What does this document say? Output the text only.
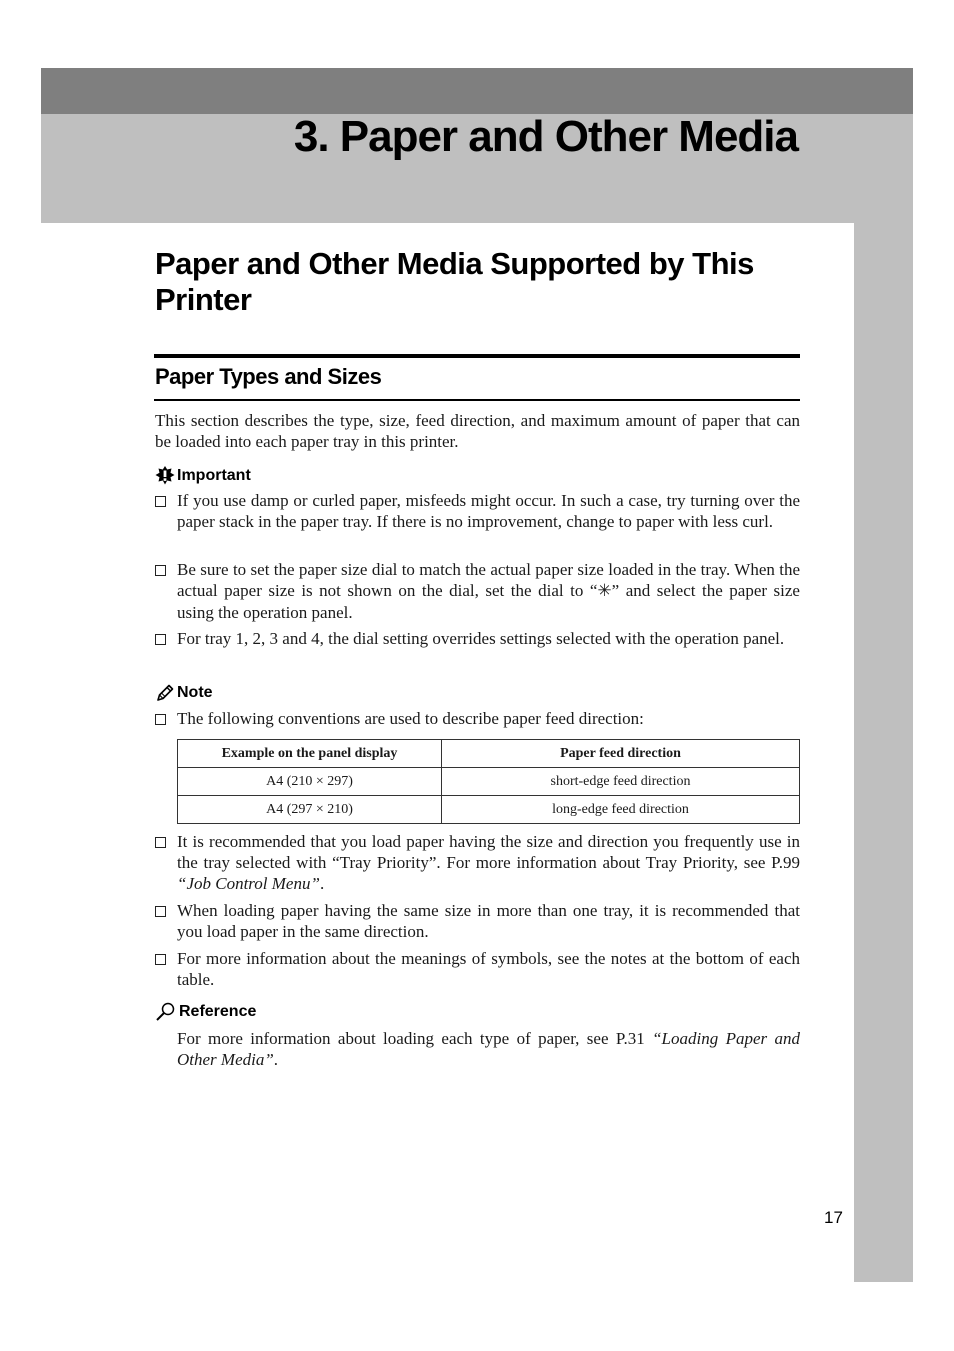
3. Paper and Other Media
Paper and Other Media Supported by This Printer
Paper Types and Sizes

This section describes the type, size, feed direction, and maximum amount of paper that can be loaded into each paper tray in this printer.

Important
If you use damp or curled paper, misfeeds might occur. In such a case, try turning over the paper stack in the paper tray. If there is no improvement, change to paper with less curl.
Be sure to set the paper size dial to match the actual paper size loaded in the tray. When the actual paper size is not shown on the dial, set the dial to “✳” and select the paper size using the operation panel.
For tray 1, 2, 3 and 4, the dial setting overrides settings selected with the operation panel.
Note
The following conventions are used to describe paper feed direction:
Example on the panel display	Paper feed direction
A4 (210 × 297)	short-edge feed direction
A4 (297 × 210)	long-edge feed direction
It is recommended that you load paper having the size and direction you frequently use in the tray selected with “Tray Priority”. For more information about Tray Priority, see P.99 “Job Control Menu”.
When loading paper having the same size in more than one tray, it is recommended that you load paper in the same direction.
For more information about the meanings of symbols, see the notes at the bottom of each table.
Reference

For more information about loading each type of paper, see P.31 “Loading Paper and Other Media”.

17
